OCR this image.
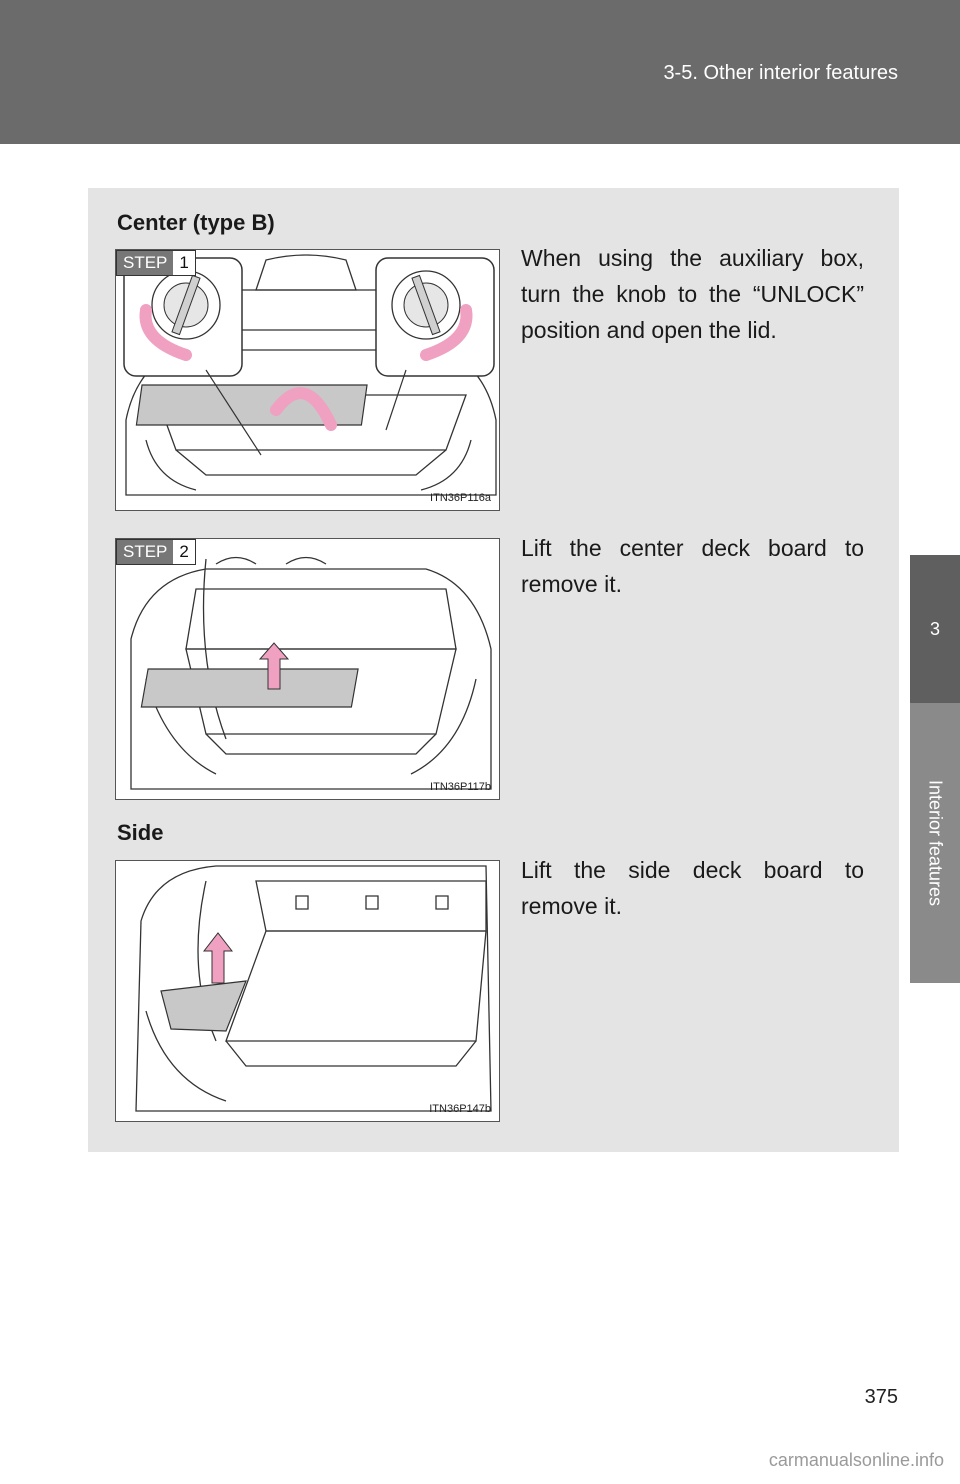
3-5. Other interior features
3
Interior features
Center (type B)
STEP 1
ITN36P116a
When using the auxiliary box, turn the knob to the “UNLOCK” position and open the lid.
STEP 2
ITN36P117b
Lift the center deck board to remove it.
Side
ITN36P147b
Lift the side deck board to remove it.
375
carmanualsonline.info
